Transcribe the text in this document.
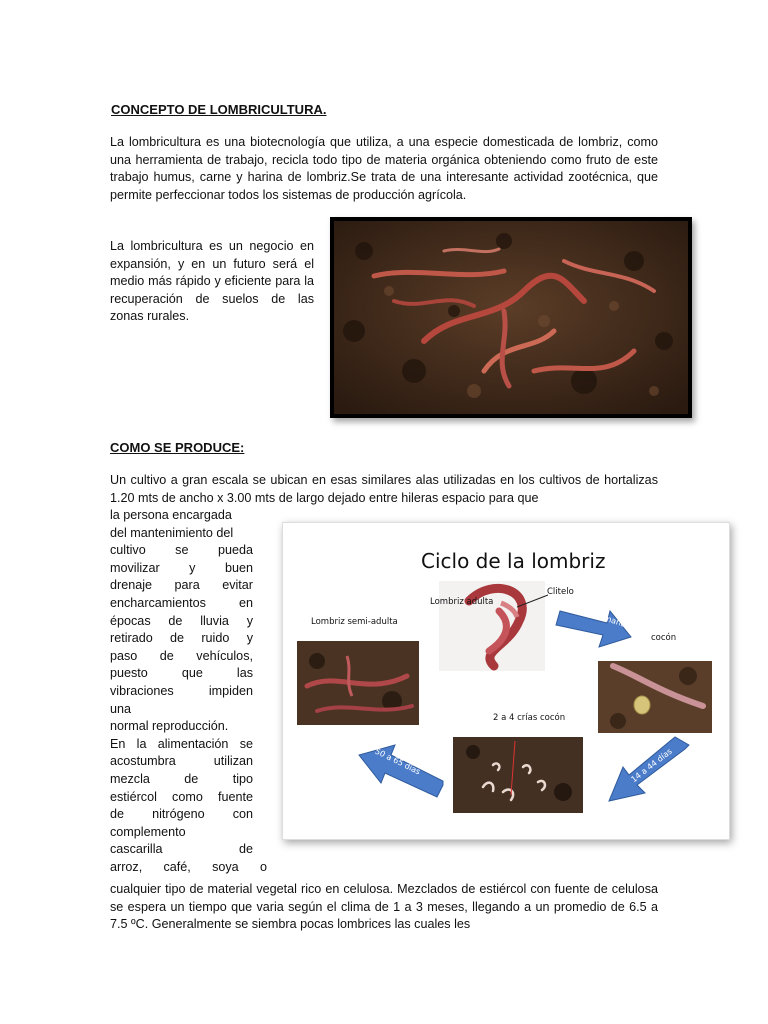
CONCEPTO DE LOMBRICULTURA.
La lombricultura es una biotecnología que utiliza, a una especie domesticada de lombriz, como una herramienta de trabajo, recicla todo tipo de materia orgánica obteniendo como fruto de este trabajo humus, carne y harina de lombriz.Se trata de una interesante actividad zootécnica, que permite perfeccionar todos los sistemas de producción agrícola.
La lombricultura es un negocio en expansión, y en un futuro será el medio más rápido y eficiente para la recuperación de suelos de las zonas rurales.
COMO SE PRODUCE:
Un cultivo a gran escala se ubican en esas similares alas utilizadas en los cultivos de hortalizas 1.20 mts de ancho x 3.00 mts de largo dejado entre hileras espacio para que
la persona encargada
del mantenimiento del
cultivo se pueda
movilizar y buen
drenaje para evitar
encharcamientos en
épocas de lluvia y
retirado de ruido y
paso de vehículos,
puesto que las
vibraciones impiden
una
normal reproducción.
En la alimentación se
acostumbra utilizan
mezcla de tipo
estiércol como fuente
de nitrógeno con
complemento
cascarilla de
arroz, café, soya o
cualquier tipo de material vegetal rico en celulosa. Mezclados de estiércol con fuente de celulosa se espera un tiempo que varia según el clima de 1 a 3 meses, llegando a un promedio de 6.5 a 7.5 ºC. Generalmente se siembra pocas lombrices las cuales les
Ciclo de la lombriz
Lombriz adulta
Clitelo
Lombriz semi-adulta	Copula semanal
cocón
2 a 4 crías cocón
14 a 44 días
50 a 65 días
